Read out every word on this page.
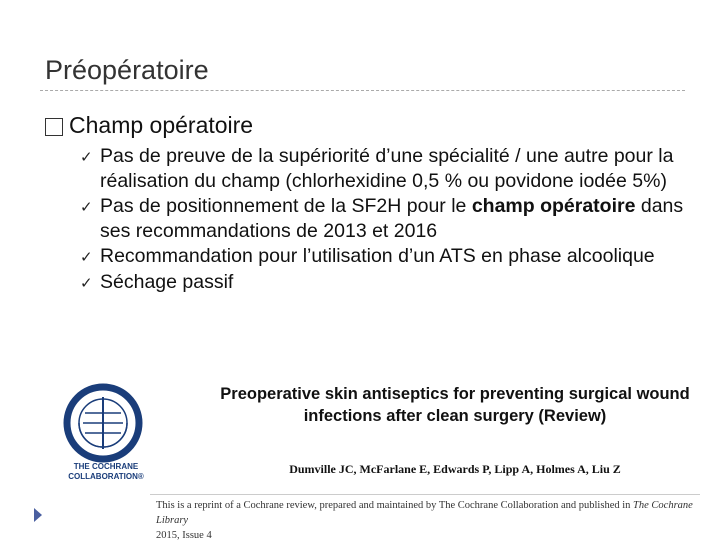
Préopératoire
Champ opératoire
✓ Pas de preuve de la supériorité d’une spécialité / une autre pour la réalisation du champ (chlorhexidine 0,5 % ou povidone iodée 5%)
✓ Pas de positionnement de la SF2H pour le champ opératoire dans ses recommandations de 2013 et 2016
✓ Recommandation pour l’utilisation d’un ATS en phase alcoolique
✓ Séchage passif
THE COCHRANE
COLLABORATION®
Preoperative skin antiseptics for preventing surgical wound
infections after clean surgery (Review)
Dumville JC, McFarlane E, Edwards P, Lipp A, Holmes A, Liu Z
This is a reprint of a Cochrane review, prepared and maintained by The Cochrane Collaboration and published in The Cochrane Library
2015, Issue 4
